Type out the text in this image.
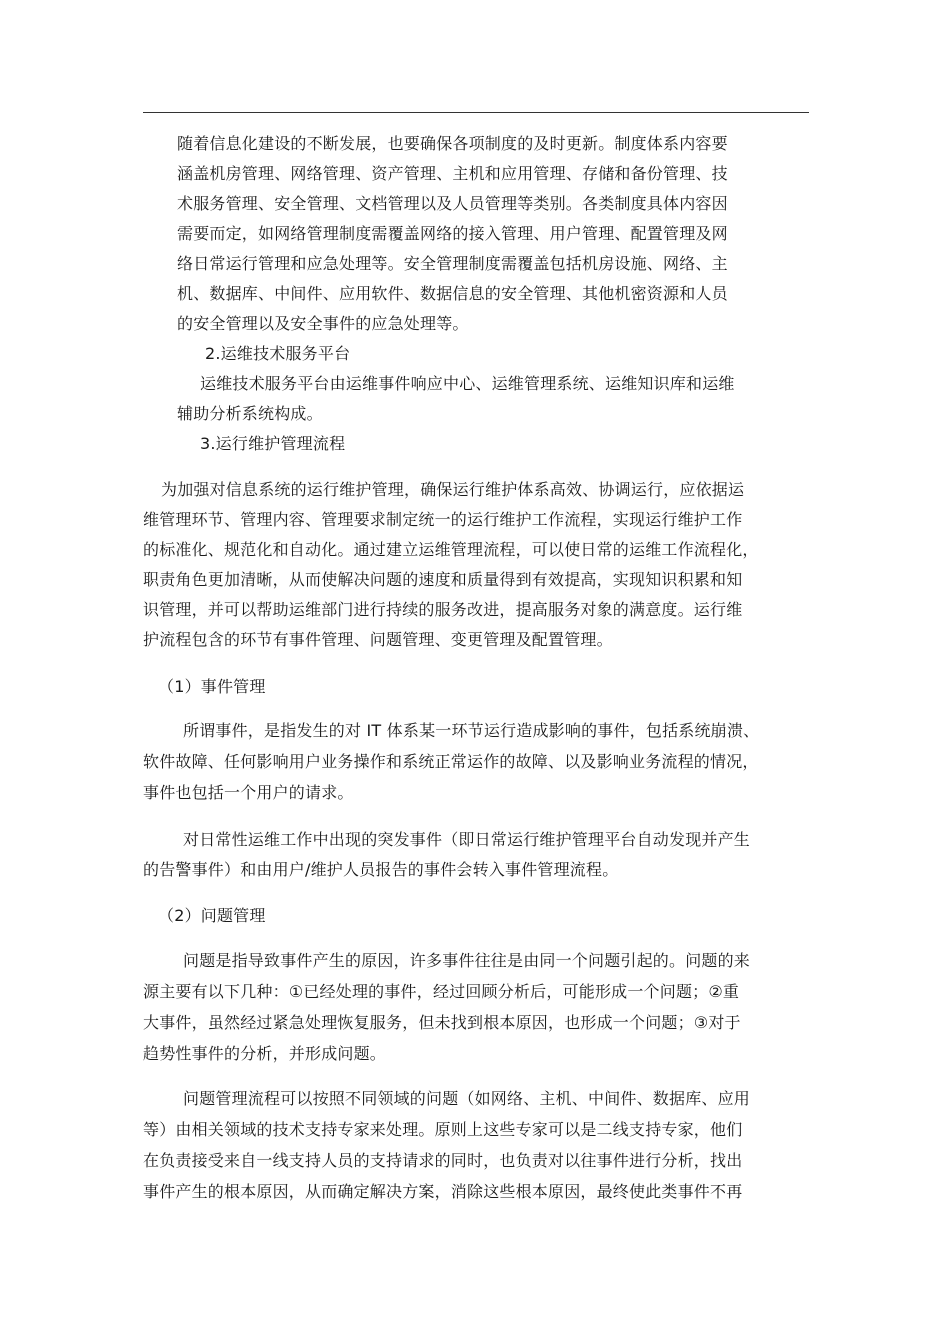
随着信息化建设的不断发展，也要确保各项制度的及时更新。制度体系内容要
涵盖机房管理、网络管理、资产管理、主机和应用管理、存储和备份管理、技
术服务管理、安全管理、文档管理以及人员管理等类别。各类制度具体内容因
需要而定，如网络管理制度需覆盖网络的接入管理、用户管理、配置管理及网
络日常运行管理和应急处理等。安全管理制度需覆盖包括机房设施、网络、主
机、数据库、中间件、应用软件、数据信息的安全管理、其他机密资源和人员
的安全管理以及安全事件的应急处理等。
2.运维技术服务平台
运维技术服务平台由运维事件响应中心、运维管理系统、运维知识库和运维
辅助分析系统构成。
3.运行维护管理流程
为加强对信息系统的运行维护管理，确保运行维护体系高效、协调运行，应依据运
维管理环节、管理内容、管理要求制定统一的运行维护工作流程，实现运行维护工作
的标准化、规范化和自动化。通过建立运维管理流程，可以使日常的运维工作流程化，
职责角色更加清晰，从而使解决问题的速度和质量得到有效提高，实现知识积累和知
识管理，并可以帮助运维部门进行持续的服务改进，提高服务对象的满意度。运行维
护流程包含的环节有事件管理、问题管理、变更管理及配置管理。
（1）事件管理
所谓事件，是指发生的对 IT 体系某一环节运行造成影响的事件，包括系统崩溃、
软件故障、任何影响用户业务操作和系统正常运作的故障、以及影响业务流程的情况，
事件也包括一个用户的请求。
对日常性运维工作中出现的突发事件（即日常运行维护管理平台自动发现并产生
的告警事件）和由用户/维护人员报告的事件会转入事件管理流程。
（2）问题管理
问题是指导致事件产生的原因，许多事件往往是由同一个问题引起的。问题的来
源主要有以下几种：①已经处理的事件，经过回顾分析后，可能形成一个问题；②重
大事件，虽然经过紧急处理恢复服务，但未找到根本原因，也形成一个问题；③对于
趋势性事件的分析，并形成问题。
问题管理流程可以按照不同领域的问题（如网络、主机、中间件、数据库、应用
等）由相关领域的技术支持专家来处理。原则上这些专家可以是二线支持专家，他们
在负责接受来自一线支持人员的支持请求的同时，也负责对以往事件进行分析，找出
事件产生的根本原因，从而确定解决方案，消除这些根本原因，最终使此类事件不再
